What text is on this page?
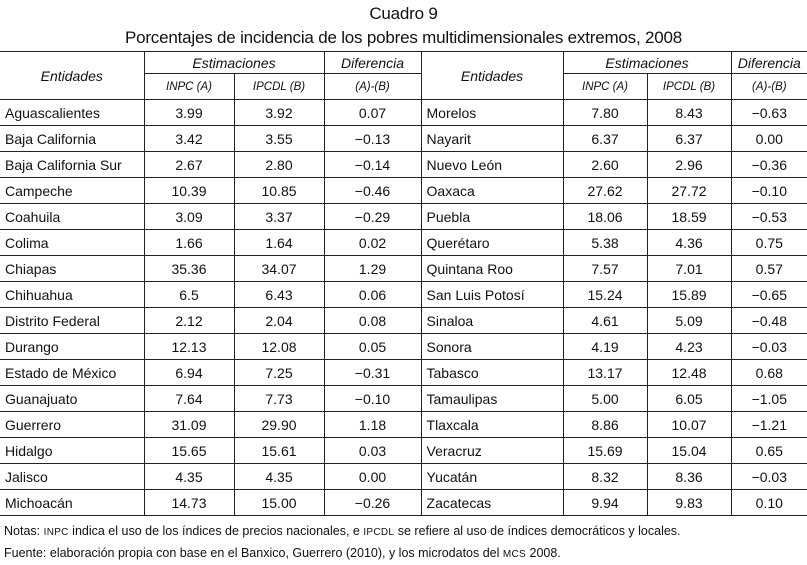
Cuadro 9
Porcentajes de incidencia de los pobres multidimensionales extremos, 2008
Entidades	Estimaciones		Diferencia	Entidades	Estimaciones		Diferencia
	INPC (A)	IPCDL (B)	(A)-(B)		INPC (A)	IPCDL (B)	(A)-(B)
Aguascalientes	3.99	3.92	0.07	Morelos	7.80	8.43	−0.63
Baja California	3.42	3.55	−0.13	Nayarit	6.37	6.37	0.00
Baja California Sur	2.67	2.80	−0.14	Nuevo León	2.60	2.96	−0.36
Campeche	10.39	10.85	−0.46	Oaxaca	27.62	27.72	−0.10
Coahuila	3.09	3.37	−0.29	Puebla	18.06	18.59	−0.53
Colima	1.66	1.64	0.02	Querétaro	5.38	4.36	0.75
Chiapas	35.36	34.07	1.29	Quintana Roo	7.57	7.01	0.57
Chihuahua	6.5	6.43	0.06	San Luis Potosí	15.24	15.89	−0.65
Distrito Federal	2.12	2.04	0.08	Sinaloa	4.61	5.09	−0.48
Durango	12.13	12.08	0.05	Sonora	4.19	4.23	−0.03
Estado de México	6.94	7.25	−0.31	Tabasco	13.17	12.48	0.68
Guanajuato	7.64	7.73	−0.10	Tamaulipas	5.00	6.05	−1.05
Guerrero	31.09	29.90	1.18	Tlaxcala	8.86	10.07	−1.21
Hidalgo	15.65	15.61	0.03	Veracruz	15.69	15.04	0.65
Jalisco	4.35	4.35	0.00	Yucatán	8.32	8.36	−0.03
Michoacán	14.73	15.00	−0.26	Zacatecas	9.94	9.83	0.10
Notas: INPC indica el uso de los índices de precios nacionales, e IPCDL se refiere al uso de índices democráticos y locales.
Fuente: elaboración propia con base en el Banxico, Guerrero (2010), y los microdatos del MCS 2008.
